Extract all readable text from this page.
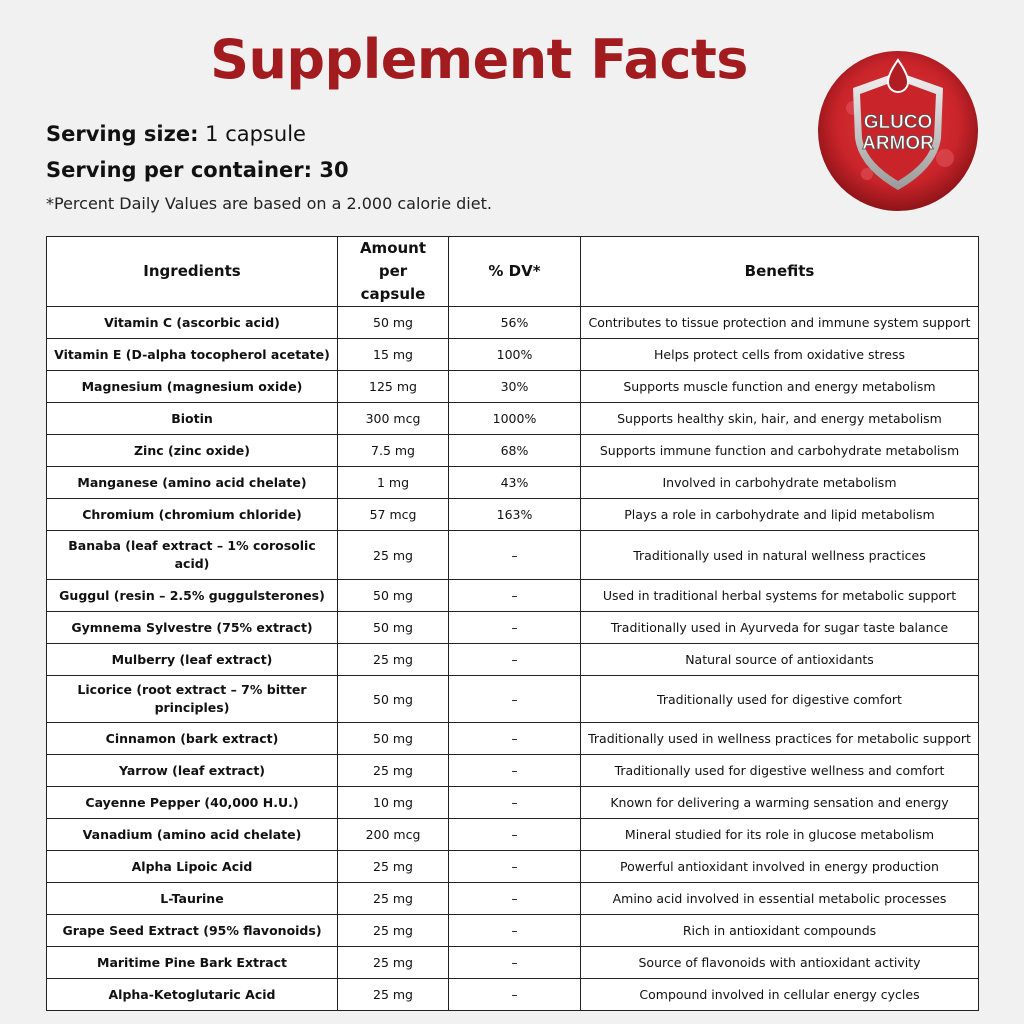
Supplement Facts
Serving size: 1 capsule
Serving per container: 30
*Percent Daily Values are based on a 2.000 calorie diet.
GLUCO
ARMOR
Ingredients	Amount per capsule	% DV*	Benefits
Vitamin C (ascorbic acid)	50 mg	56%	Contributes to tissue protection and immune system support
Vitamin E (D-alpha tocopherol acetate)	15 mg	100%	Helps protect cells from oxidative stress
Magnesium (magnesium oxide)	125 mg	30%	Supports muscle function and energy metabolism
Biotin	300 mcg	1000%	Supports healthy skin, hair, and energy metabolism
Zinc (zinc oxide)	7.5 mg	68%	Supports immune function and carbohydrate metabolism
Manganese (amino acid chelate)	1 mg	43%	Involved in carbohydrate metabolism
Chromium (chromium chloride)	57 mcg	163%	Plays a role in carbohydrate and lipid metabolism
Banaba (leaf extract – 1% corosolic acid)	25 mg	–	Traditionally used in natural wellness practices
Guggul (resin – 2.5% guggulsterones)	50 mg	–	Used in traditional herbal systems for metabolic support
Gymnema Sylvestre (75% extract)	50 mg	–	Traditionally used in Ayurveda for sugar taste balance
Mulberry (leaf extract)	25 mg	–	Natural source of antioxidants
Licorice (root extract – 7% bitter principles)	50 mg	–	Traditionally used for digestive comfort
Cinnamon (bark extract)	50 mg	–	Traditionally used in wellness practices for metabolic support
Yarrow (leaf extract)	25 mg	–	Traditionally used for digestive wellness and comfort
Cayenne Pepper (40,000 H.U.)	10 mg	–	Known for delivering a warming sensation and energy
Vanadium (amino acid chelate)	200 mcg	–	Mineral studied for its role in glucose metabolism
Alpha Lipoic Acid	25 mg	–	Powerful antioxidant involved in energy production
L-Taurine	25 mg	–	Amino acid involved in essential metabolic processes
Grape Seed Extract (95% flavonoids)	25 mg	–	Rich in antioxidant compounds
Maritime Pine Bark Extract	25 mg	–	Source of flavonoids with antioxidant activity
Alpha-Ketoglutaric Acid	25 mg	–	Compound involved in cellular energy cycles
